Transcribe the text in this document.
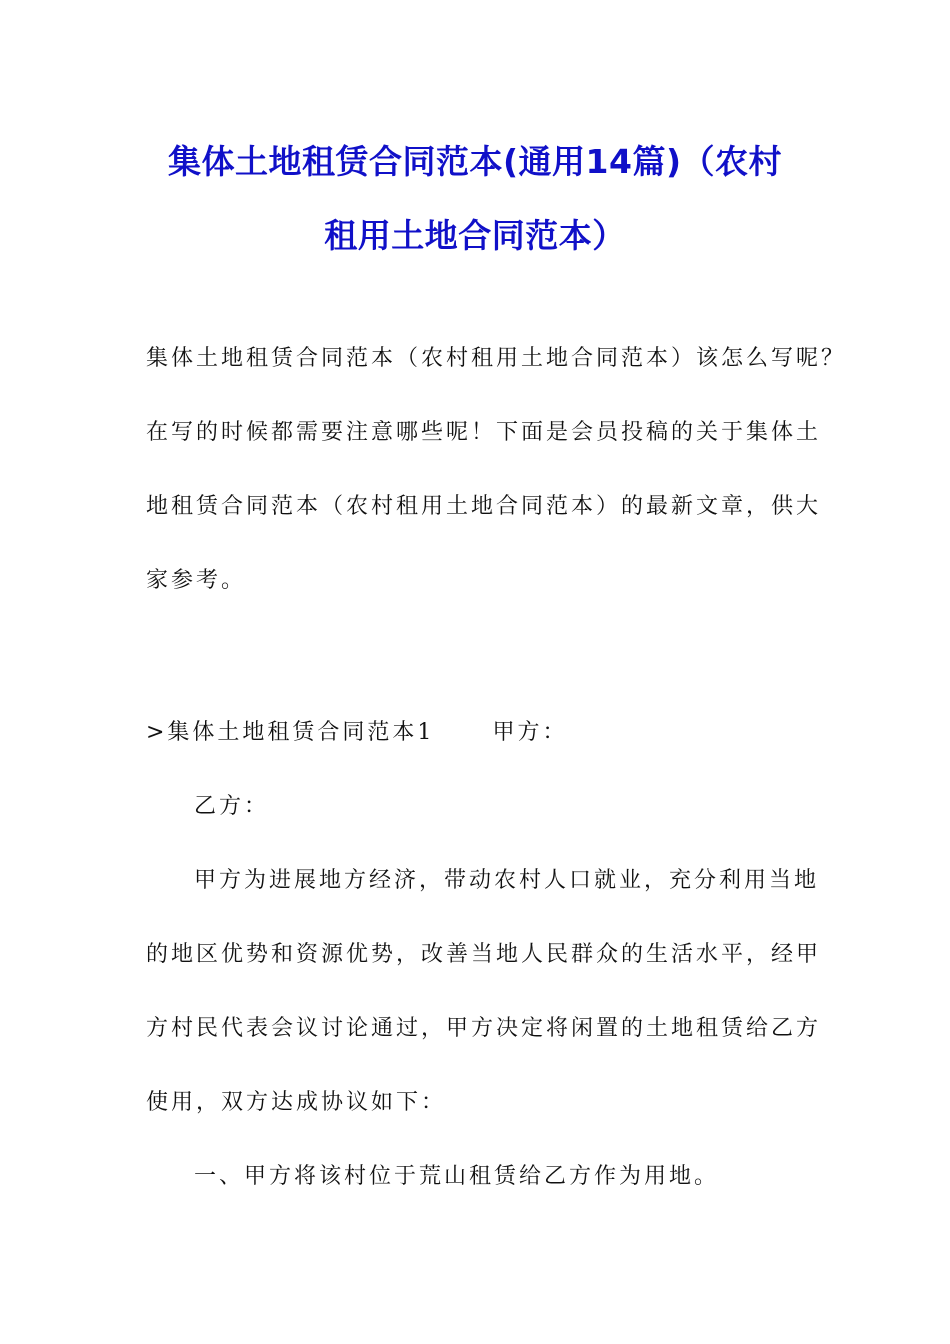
集体土地租赁合同范本(通用14篇)（农村
租用土地合同范本）
集体土地租赁合同范本（农村租用土地合同范本）该怎么写呢？
在写的时候都需要注意哪些呢！下面是会员投稿的关于集体土
地租赁合同范本（农村租用土地合同范本）的最新文章，供大
家参考。
>集体土地租赁合同范本1	甲方：
乙方：
甲方为进展地方经济，带动农村人口就业，充分利用当地
的地区优势和资源优势，改善当地人民群众的生活水平，经甲
方村民代表会议讨论通过，甲方决定将闲置的土地租赁给乙方
使用，双方达成协议如下：
一、甲方将该村位于荒山租赁给乙方作为用地。
